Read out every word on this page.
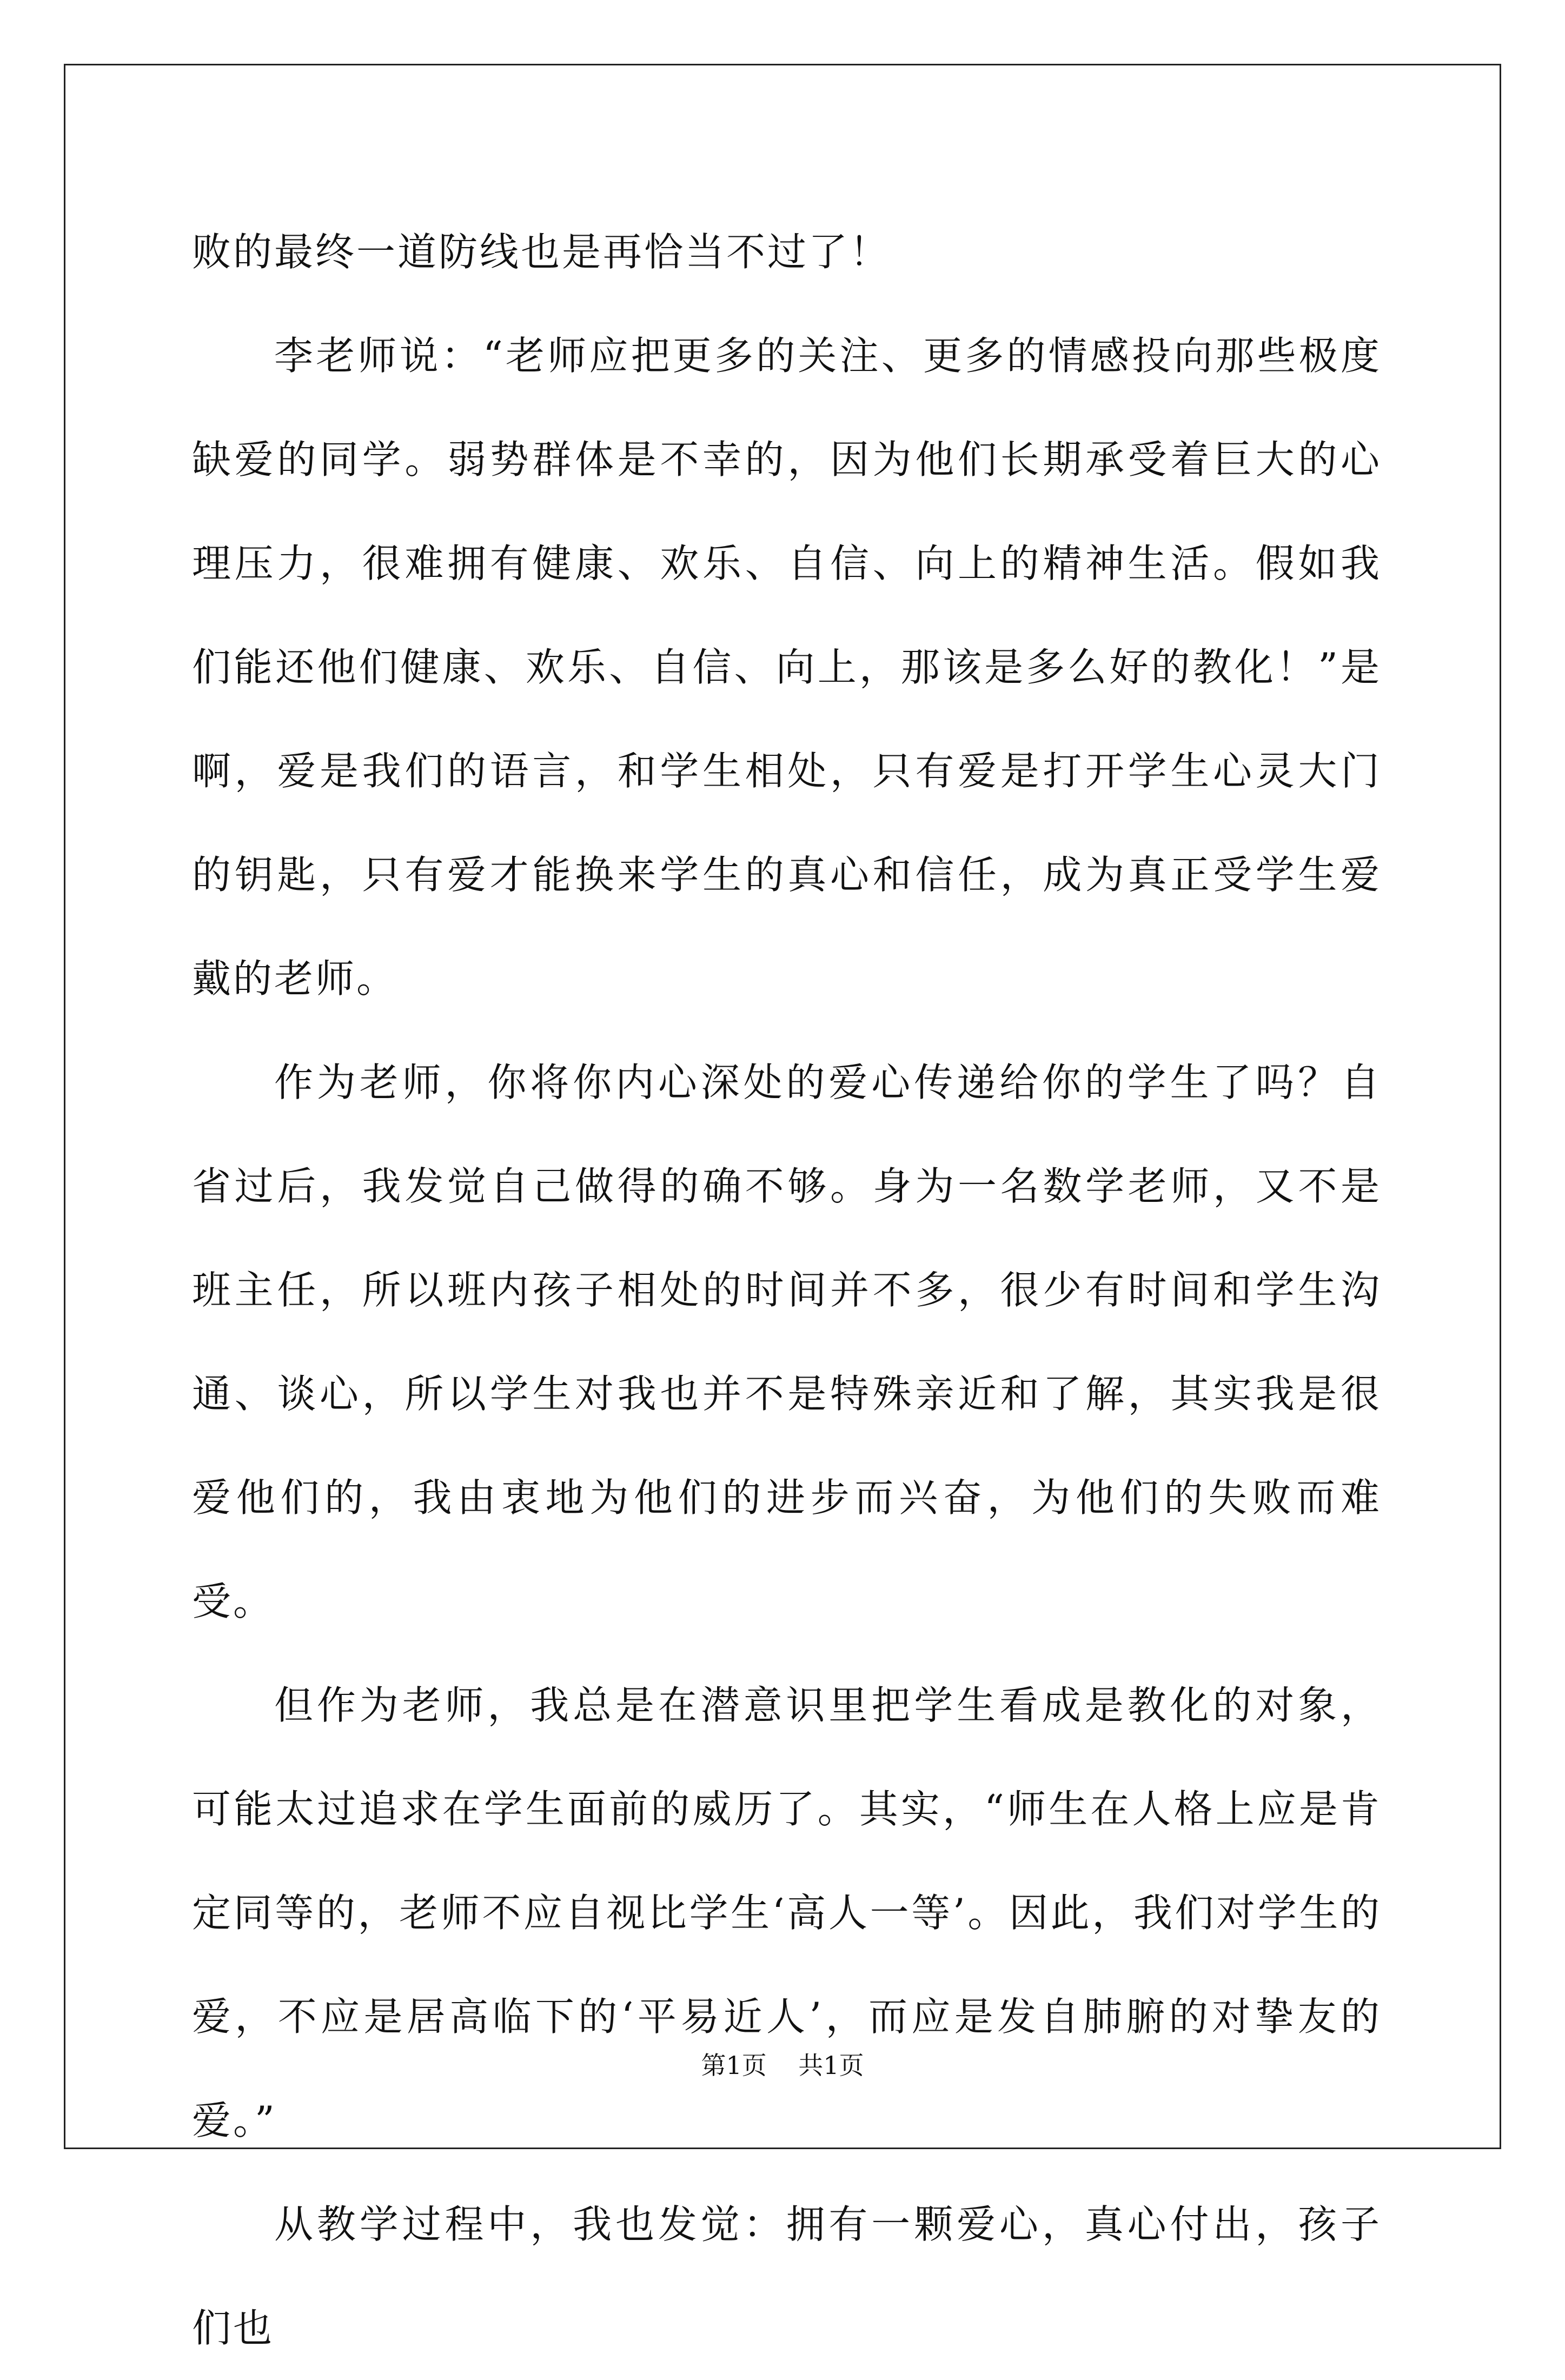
败的最终一道防线也是再恰当不过了！

李老师说：“老师应把更多的关注、更多的情感投向那些极度缺爱的同学。弱势群体是不幸的，因为他们长期承受着巨大的心理压力，很难拥有健康、欢乐、自信、向上的精神生活。假如我们能还他们健康、欢乐、自信、向上，那该是多么好的教化！”是啊，爱是我们的语言，和学生相处，只有爱是打开学生心灵大门的钥匙，只有爱才能换来学生的真心和信任，成为真正受学生爱戴的老师。

作为老师，你将你内心深处的爱心传递给你的学生了吗？自省过后，我发觉自己做得的确不够。身为一名数学老师，又不是班主任，所以班内孩子相处的时间并不多，很少有时间和学生沟通、谈心，所以学生对我也并不是特殊亲近和了解，其实我是很爱他们的，我由衷地为他们的进步而兴奋，为他们的失败而难受。

但作为老师，我总是在潜意识里把学生看成是教化的对象，可能太过追求在学生面前的威历了。其实，“师生在人格上应是肯定同等的，老师不应自视比学生‘高人一等’。因此，我们对学生的爱，不应是居高临下的‘平易近人’，而应是发自肺腑的对挚友的爱。”

从教学过程中，我也发觉：拥有一颗爱心，真心付出，孩子们也

第1页 共1页
